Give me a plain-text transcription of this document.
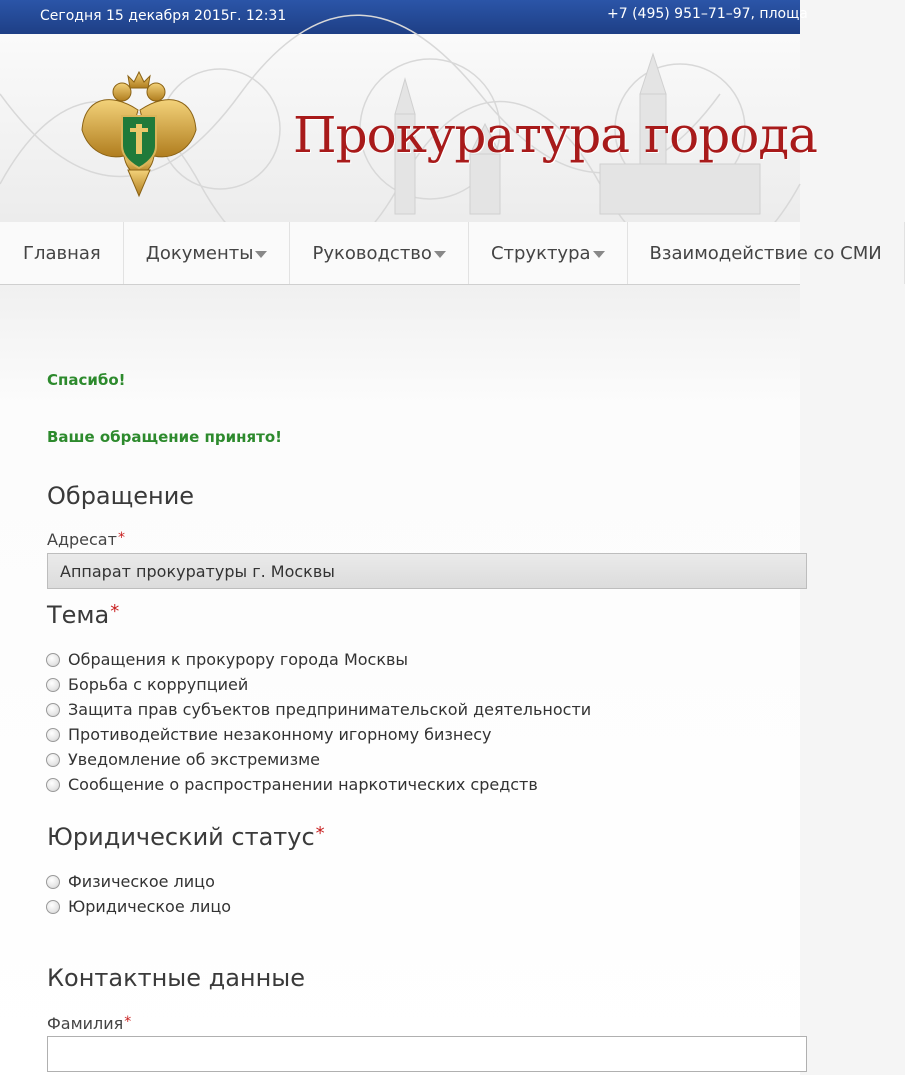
Сегодня 15 декабря 2015г. 12:31	+7 (495) 951–71–97, площа
Прокуратура города
Главная	Документы	Руководство	Структура	Взаимодействие со СМИ
Спасибо!
Ваше обращение принято!
Обращение
Адресат*
Аппарат прокуратуры г. Москвы
Тема*
Обращения к прокурору города Москвы
Борьба с коррупцией
Защита прав субъектов предпринимательской деятельности
Противодействие незаконному игорному бизнесу
Уведомление об экстремизме
Сообщение о распространении наркотических средств
Юридический статус*
Физическое лицо
Юридическое лицо
Контактные данные
Фамилия*
